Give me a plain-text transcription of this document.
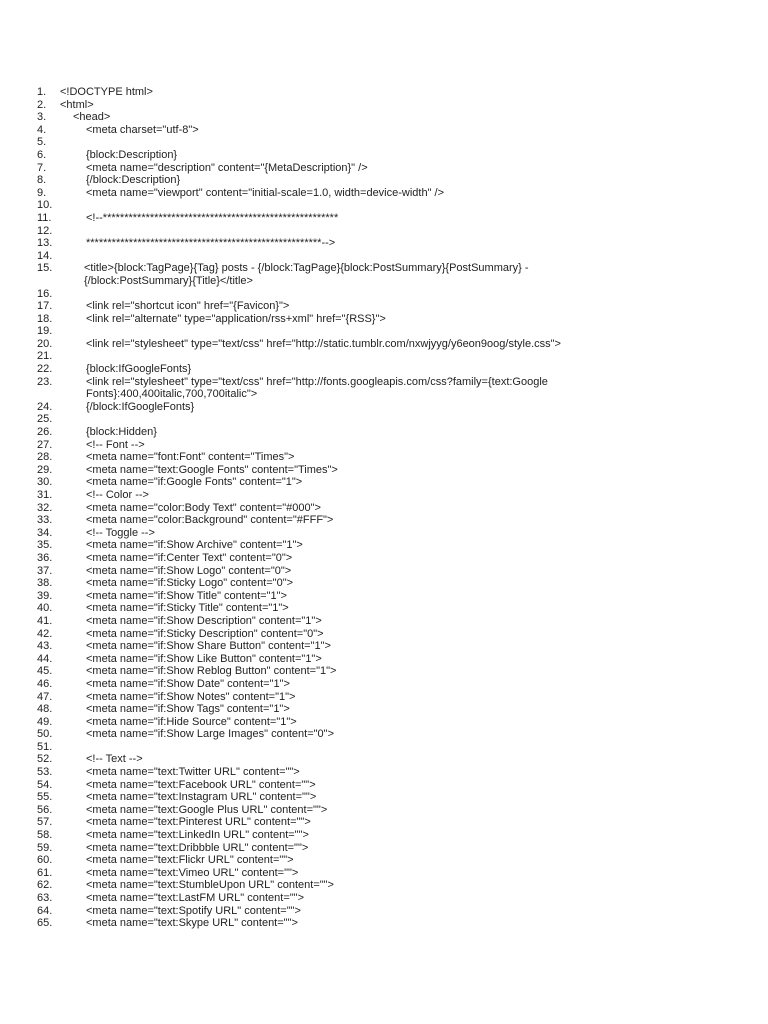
1.	<!DOCTYPE html>
2.	<html>
3.	<head>
4.	<meta charset="utf-8">
5.
6.	{block:Description}
7.	<meta name="description" content="{MetaDescription}" />
8.	{/block:Description}
9.	<meta name="viewport" content="initial-scale=1.0, width=device-width" />
10.
11.	<!--*******************************************************
12.
13.	*******************************************************-->
14.
15.	<title>{block:TagPage}{Tag} posts - {/block:TagPage}{block:PostSummary}{PostSummary} -
{/block:PostSummary}{Title}</title>
16.
17.	<link rel="shortcut icon" href="{Favicon}">
18.	<link rel="alternate" type="application/rss+xml" href="{RSS}">
19.
20.	<link rel="stylesheet" type="text/css" href="http://static.tumblr.com/nxwjyyg/y6eon9oog/style.css">
21.
22.	{block:IfGoogleFonts}
23.	<link rel="stylesheet" type="text/css" href="http://fonts.googleapis.com/css?family={text:Google
Fonts}:400,400italic,700,700italic">
24.	{/block:IfGoogleFonts}
25.
26.	{block:Hidden}
27.	<!-- Font -->
28.	<meta name="font:Font" content="Times">
29.	<meta name="text:Google Fonts" content="Times">
30.	<meta name="if:Google Fonts" content="1">
31.	<!-- Color -->
32.	<meta name="color:Body Text" content="#000">
33.	<meta name="color:Background" content="#FFF">
34.	<!-- Toggle -->
35.	<meta name="if:Show Archive" content="1">
36.	<meta name="if:Center Text" content="0">
37.	<meta name="if:Show Logo" content="0">
38.	<meta name="if:Sticky Logo" content="0">
39.	<meta name="if:Show Title" content="1">
40.	<meta name="if:Sticky Title" content="1">
41.	<meta name="if:Show Description" content="1">
42.	<meta name="if:Sticky Description" content="0">
43.	<meta name="if:Show Share Button" content="1">
44.	<meta name="if:Show Like Button" content="1">
45.	<meta name="if:Show Reblog Button" content="1">
46.	<meta name="if:Show Date" content="1">
47.	<meta name="if:Show Notes" content="1">
48.	<meta name="if:Show Tags" content="1">
49.	<meta name="if:Hide Source" content="1">
50.	<meta name="if:Show Large Images" content="0">
51.
52.	<!-- Text -->
53.	<meta name="text:Twitter URL" content="">
54.	<meta name="text:Facebook URL" content="">
55.	<meta name="text:Instagram URL" content="">
56.	<meta name="text:Google Plus URL" content="">
57.	<meta name="text:Pinterest URL" content="">
58.	<meta name="text:LinkedIn URL" content="">
59.	<meta name="text:Dribbble URL" content="">
60.	<meta name="text:Flickr URL" content="">
61.	<meta name="text:Vimeo URL" content="">
62.	<meta name="text:StumbleUpon URL" content="">
63.	<meta name="text:LastFM URL" content="">
64.	<meta name="text:Spotify URL" content="">
65.	<meta name="text:Skype URL" content="">
